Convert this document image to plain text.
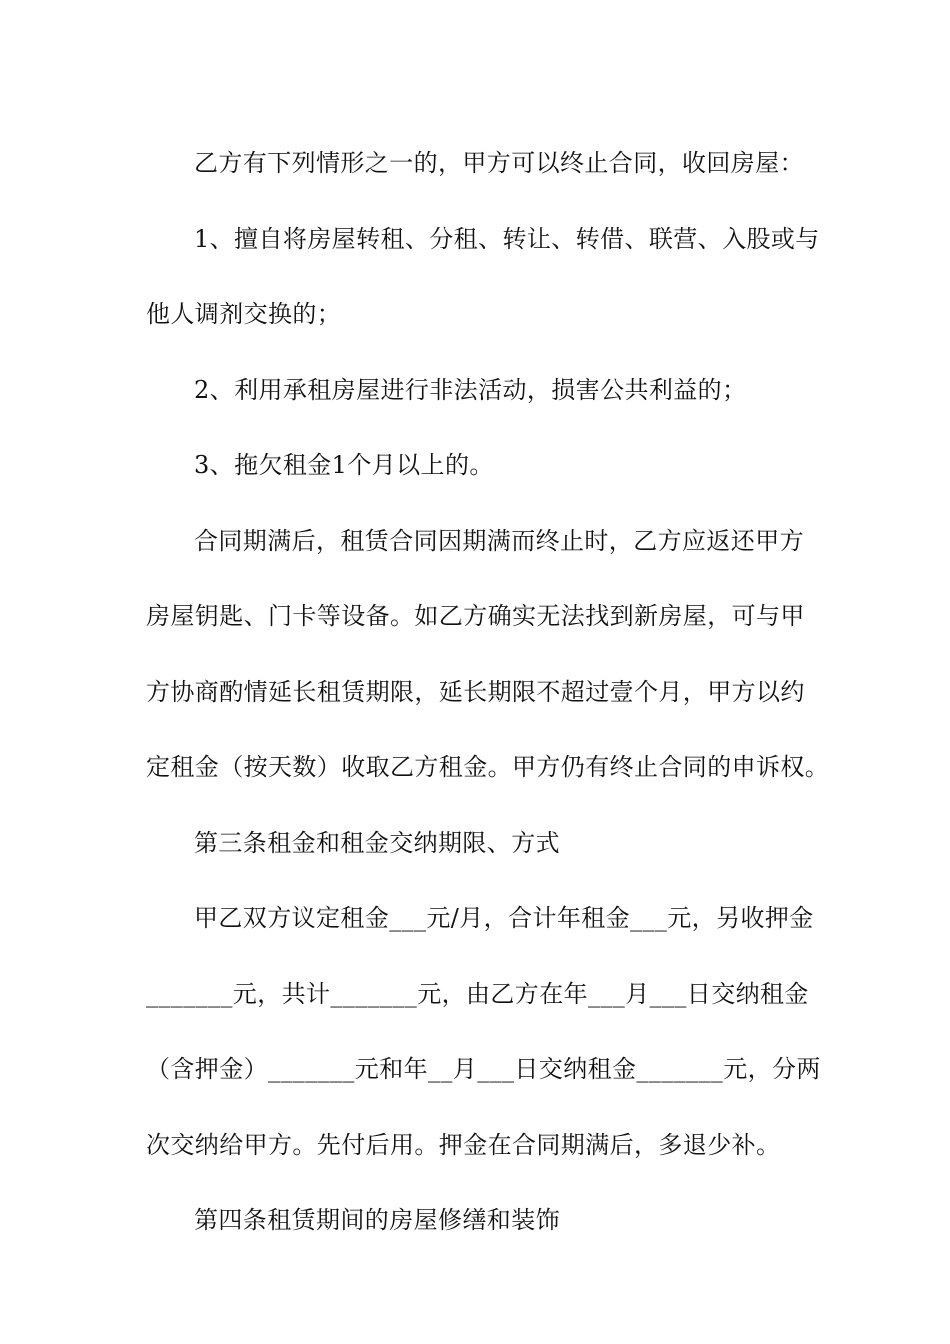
乙方有下列情形之一的，甲方可以终止合同，收回房屋：
1、擅自将房屋转租、分租、转让、转借、联营、入股或与
他人调剂交换的；
2、利用承租房屋进行非法活动，损害公共利益的；
3、拖欠租金1个月以上的。
合同期满后，租赁合同因期满而终止时，乙方应返还甲方
房屋钥匙、门卡等设备。如乙方确实无法找到新房屋，可与甲
方协商酌情延长租赁期限，延长期限不超过壹个月，甲方以约
定租金（按天数）收取乙方租金。甲方仍有终止合同的申诉权。
第三条租金和租金交纳期限、方式
甲乙双方议定租金___元/月，合计年租金___元，另收押金
_______元，共计_______元，由乙方在年___月___日交纳租金
（含押金）_______元和年__月___日交纳租金_______元，分两
次交纳给甲方。先付后用。押金在合同期满后，多退少补。
第四条租赁期间的房屋修缮和装饰
